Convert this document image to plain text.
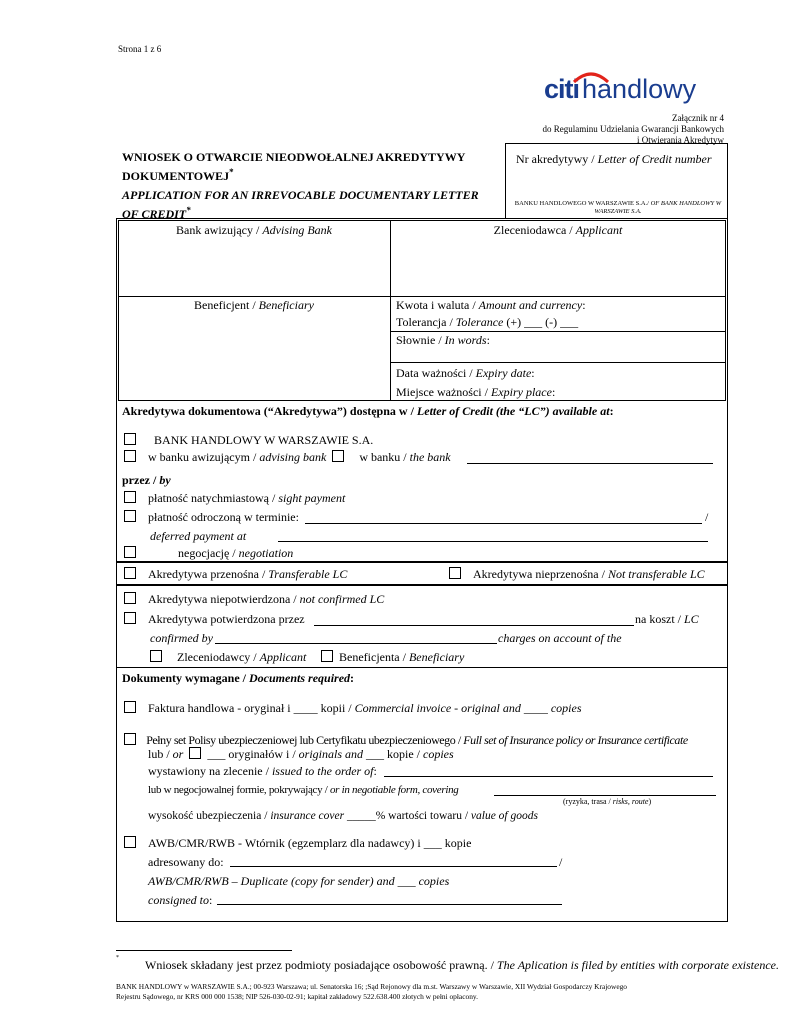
Strona 1 z 6
citi handlowy
Załącznik nr 4
do Regulaminu Udzielania Gwarancji Bankowych
i Otwierania Akredytyw
WNIOSEK O OTWARCIE NIEODWOŁALNEJ AKREDYTYWY
DOKUMENTOWEJ*
APPLICATION FOR AN IRREVOCABLE DOCUMENTARY LETTER
OF CREDIT*
Nr akredytywy / Letter of Credit number
BANKU HANDLOWEGO W WARSZAWIE S.A./ OF BANK HANDLOWY W WARSZAWIE S.A.
Bank awizujący / Advising Bank	Zleceniodawca / Applicant
Beneficjent / Beneficiary	Kwota i waluta / Amount and currency:
Tolerancja / Tolerance (+) ___ (-) ___
Słownie / In words:
Data ważności / Expiry date:
Miejsce ważności / Expiry place:
Akredytywa dokumentowa (“Akredytywa”) dostępna w / Letter of Credit (the “LC”) available at:
BANK HANDLOWY W WARSZAWIE S.A.
w banku awizującym / advising bank	w banku / the bank
przez / by
płatność natychmiastową / sight payment
płatność odroczoną w terminie:	/
deferred payment at
negocjację / negotiation
Akredytywa przenośna / Transferable LC	Akredytywa nieprzenośna / Not transferable LC
Akredytywa niepotwierdzona / not confirmed LC
Akredytywa potwierdzona przez	na koszt / LC
confirmed by	charges on account of the
Zleceniodawcy / Applicant	Beneficjenta / Beneficiary
Dokumenty wymagane / Documents required:
Faktura handlowa - oryginał i ____ kopii / Commercial invoice - original and ____ copies
Pełny set Polisy ubezpieczeniowej lub Certyfikatu ubezpieczeniowego / Full set of Insurance policy or Insurance certificate
lub / or ___ oryginałów i / originals and ___ kopie / copies
wystawiony na zlecenie / issued to the order of:
lub w negocjowalnej formie, pokrywający / or in negotiable form, covering
(ryzyka, trasa / risks, route)
wysokość ubezpieczenia / insurance cover _____% wartości towaru / value of goods
AWB/CMR/RWB - Wtórnik (egzemplarz dla nadawcy) i ___ kopie
adresowany do:	/
AWB/CMR/RWB – Duplicate (copy for sender) and ___ copies
consigned to:
* Wniosek składany jest przez podmioty posiadające osobowość prawną. / The Aplication is filed by entities with corporate existence.
BANK HANDLOWY w WARSZAWIE S.A.; 00-923 Warszawa; ul. Senatorska 16; ;Sąd Rejonowy dla m.st. Warszawy w Warszawie, XII Wydział Gospodarczy Krajowego
Rejestru Sądowego, nr KRS 000 000 1538; NIP 526-030-02-91; kapitał zakładowy 522.638.400 złotych w pełni opłacony.
